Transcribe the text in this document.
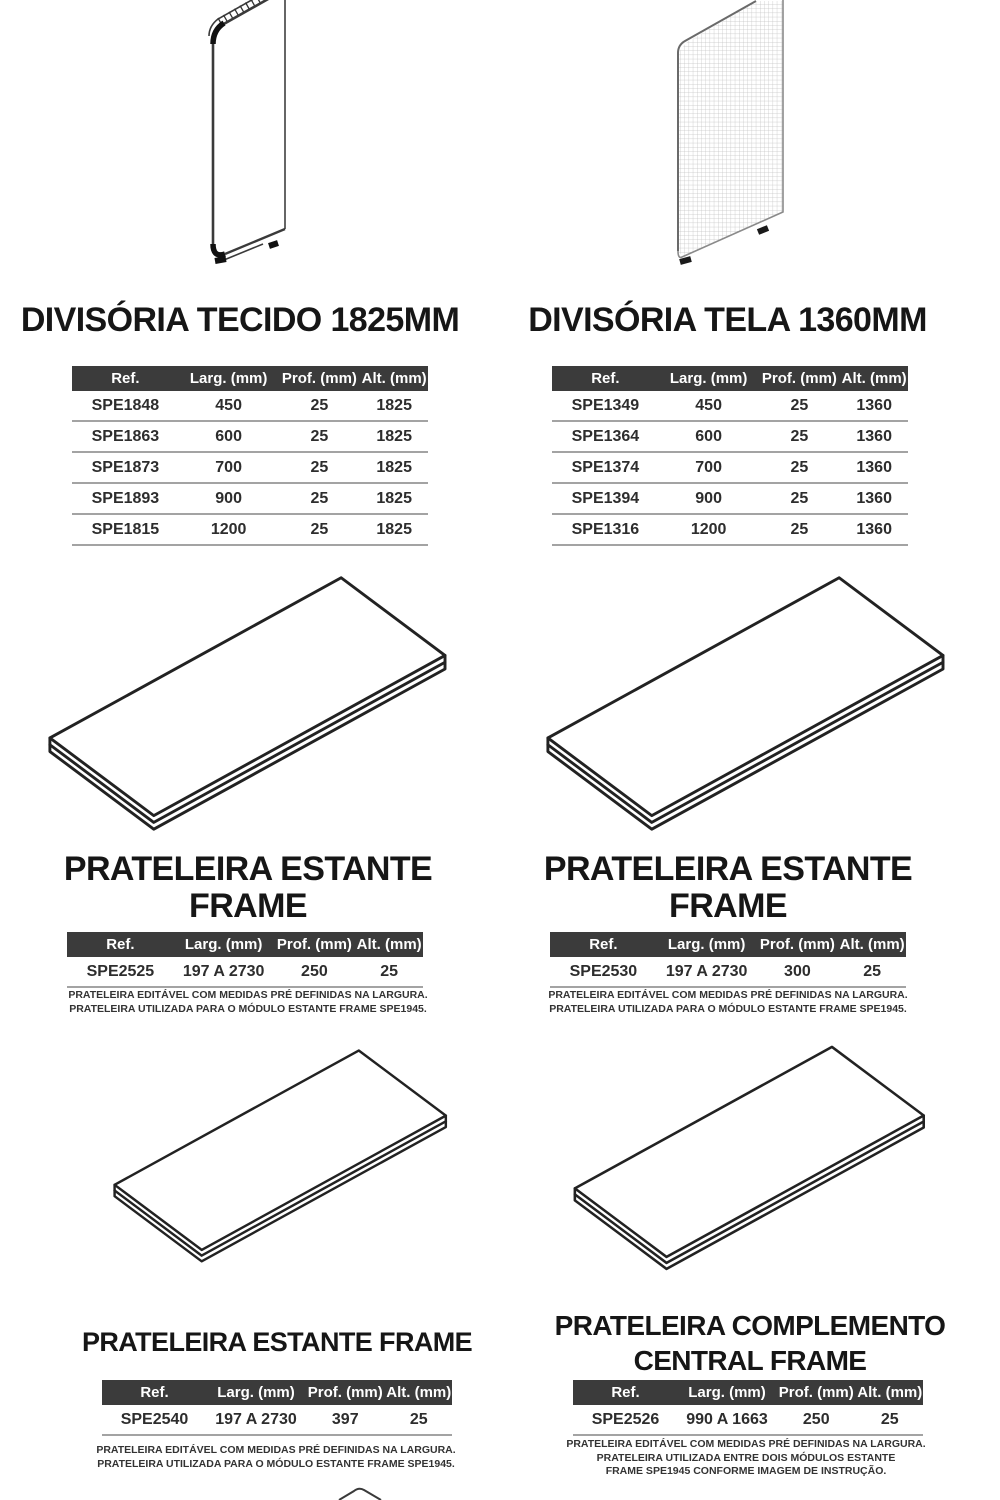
DIVISÓRIA TECIDO 1825MM
Ref.	Larg. (mm)	Prof. (mm)	Alt. (mm)
SPE1848	450	25	1825
SPE1863	600	25	1825
SPE1873	700	25	1825
SPE1893	900	25	1825
SPE1815	1200	25	1825
DIVISÓRIA TELA 1360MM
Ref.	Larg. (mm)	Prof. (mm)	Alt. (mm)
SPE1349	450	25	1360
SPE1364	600	25	1360
SPE1374	700	25	1360
SPE1394	900	25	1360
SPE1316	1200	25	1360
PRATELEIRA ESTANTE
FRAME
Ref.	Larg. (mm)	Prof. (mm)	Alt. (mm)
SPE2525	197 A 2730	250	25

PRATELEIRA EDITÁVEL COM MEDIDAS PRÉ DEFINIDAS NA LARGURA.
PRATELEIRA UTILIZADA PARA O MÓDULO ESTANTE FRAME SPE1945.

PRATELEIRA ESTANTE
FRAME
Ref.	Larg. (mm)	Prof. (mm)	Alt. (mm)
SPE2530	197 A 2730	300	25

PRATELEIRA EDITÁVEL COM MEDIDAS PRÉ DEFINIDAS NA LARGURA.
PRATELEIRA UTILIZADA PARA O MÓDULO ESTANTE FRAME SPE1945.

PRATELEIRA ESTANTE FRAME
Ref.	Larg. (mm)	Prof. (mm)	Alt. (mm)
SPE2540	197 A 2730	397	25

PRATELEIRA EDITÁVEL COM MEDIDAS PRÉ DEFINIDAS NA LARGURA.
PRATELEIRA UTILIZADA PARA O MÓDULO ESTANTE FRAME SPE1945.

PRATELEIRA COMPLEMENTO
CENTRAL FRAME
Ref.	Larg. (mm)	Prof. (mm)	Alt. (mm)
SPE2526	990 A 1663	250	25

PRATELEIRA EDITÁVEL COM MEDIDAS PRÉ DEFINIDAS NA LARGURA.
PRATELEIRA UTILIZADA ENTRE DOIS MÓDULOS ESTANTE
FRAME SPE1945 CONFORME IMAGEM DE INSTRUÇÃO.
